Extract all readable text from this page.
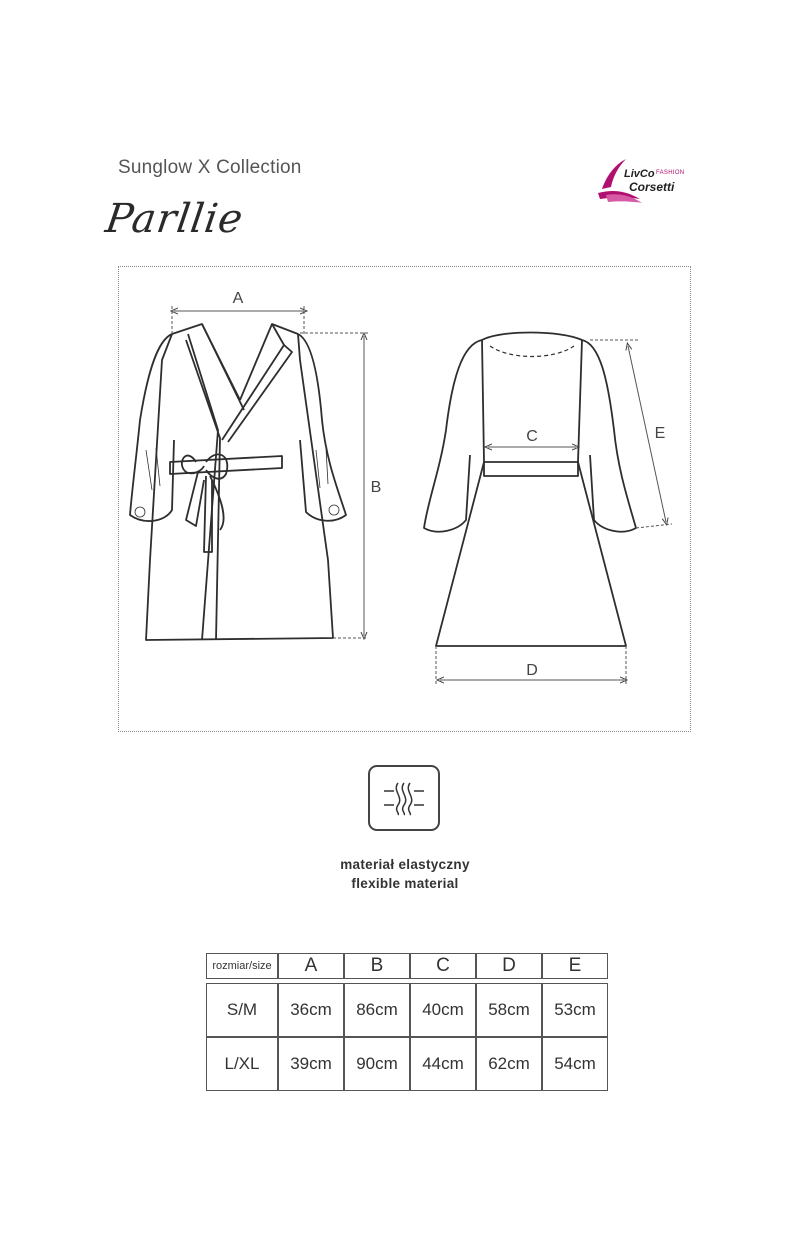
Sunglow X Collection
Parllie
LivCo FASHION
Corsetti
A
B
C
D
E
materiał elastyczny
flexible material
rozmiar/size	A	B	C	D	E

S/M	36cm	86cm	40cm	58cm	53cm
L/XL	39cm	90cm	44cm	62cm	54cm
